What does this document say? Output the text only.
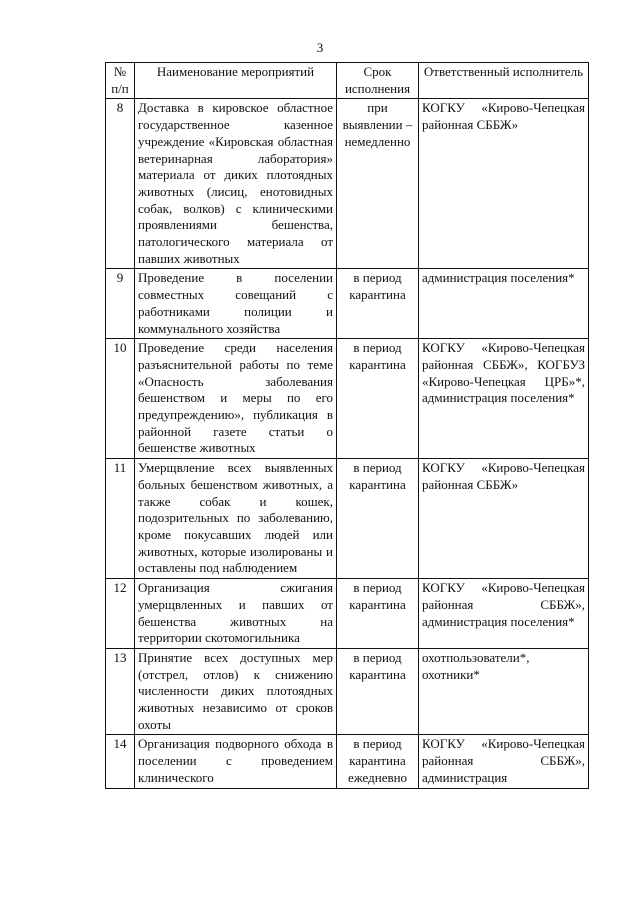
3
№ п/п	Наименование мероприятий	Срок исполнения	Ответственный исполнитель
8	Доставка в кировское областное государственное казенное учреждение «Кировская областная ветеринарная лаборатория» материала от диких плотоядных животных (лисиц, енотовидных собак, волков) с клиническими проявлениями бешенства, патологического материала от павших животных	при выявлении – немедленно	КОГКУ «Кирово-Чепецкая районная СББЖ»
9	Проведение в поселении совместных совещаний с работниками полиции и коммунального хозяйства	в период карантина	администрация поселения*
10	Проведение среди населения разъяснительной работы по теме «Опасность заболевания бешенством и меры по его предупреждению», публикация в районной газете статьи о бешенстве животных	в период карантина	КОГКУ «Кирово-Чепецкая районная СББЖ», КОГБУЗ «Кирово-Чепецкая ЦРБ»*, администрация поселения*
11	Умерщвление всех выявленных больных бешенством животных, а также собак и кошек, подозрительных по заболеванию, кроме покусавших людей или животных, которые изолированы и оставлены под наблюдением	в период карантина	КОГКУ «Кирово-Чепецкая районная СББЖ»
12	Организация сжигания умерщвленных и павших от бешенства животных на территории скотомогильника	в период карантина	КОГКУ «Кирово-Чепецкая районная СББЖ», администрация поселения*
13	Принятие всех доступных мер (отстрел, отлов) к снижению численности диких плотоядных животных независимо от сроков охоты	в период карантина	охотпользователи*, охотники*
14	Организация подворного обхода в поселении с проведением клинического	в период карантина ежедневно	КОГКУ «Кирово-Чепецкая районная СББЖ», администрация
